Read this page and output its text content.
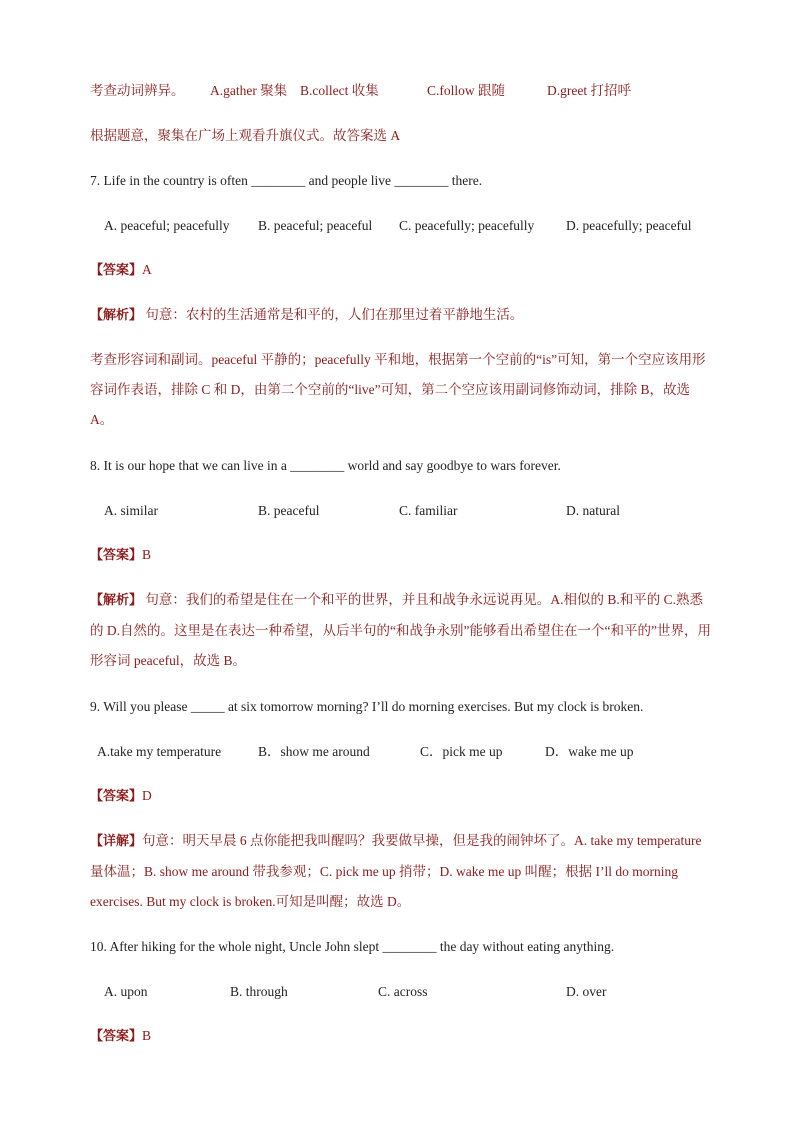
考查动词辨异。 A.gather 聚集 B.collect 收集	C.follow 跟随	D.greet 打招呼
根据题意，聚集在广场上观看升旗仪式。故答案选 A
7. Life in the country is often ________ and people live ________ there.
A. peaceful; peacefully B. peaceful; peaceful C. peacefully; peacefully D. peacefully; peaceful
【答案】A
【解析】 句意：农村的生活通常是和平的，人们在那里过着平静地生活。
考查形容词和副词。peaceful 平静的；peacefully 平和地，根据第一个空前的“is”可知，第一个空应该用形容词作表语，排除 C 和 D，由第二个空前的“live”可知，第二个空应该用副词修饰动词，排除 B，故选 A。
8. It is our hope that we can live in a ________ world and say goodbye to wars forever.
A. similar	B. peaceful	C. familiar	D. natural
【答案】B
【解析】 句意：我们的希望是住在一个和平的世界，并且和战争永远说再见。A.相似的 B.和平的 C.熟悉的 D.自然的。这里是在表达一种希望，从后半句的“和战争永别”能够看出希望住在一个“和平的”世界，用形容词 peaceful，故选 B。
9. Will you please _____ at six tomorrow morning? I’ll do morning exercises. But my clock is broken.
A.take my temperature	B．show me around	C．pick me up	D．wake me up
【答案】D
【详解】句意：明天早晨 6 点你能把我叫醒吗？我要做早操，但是我的闹钟坏了。A. take my temperature 量体温；B. show me around 带我参观；C. pick me up 捎带；D. wake me up 叫醒；根据 I’ll do morning exercises. But my clock is broken.可知是叫醒；故选 D。
10. After hiking for the whole night, Uncle John slept ________ the day without eating anything.
A. upon	B. through	C. across	D. over
【答案】B
